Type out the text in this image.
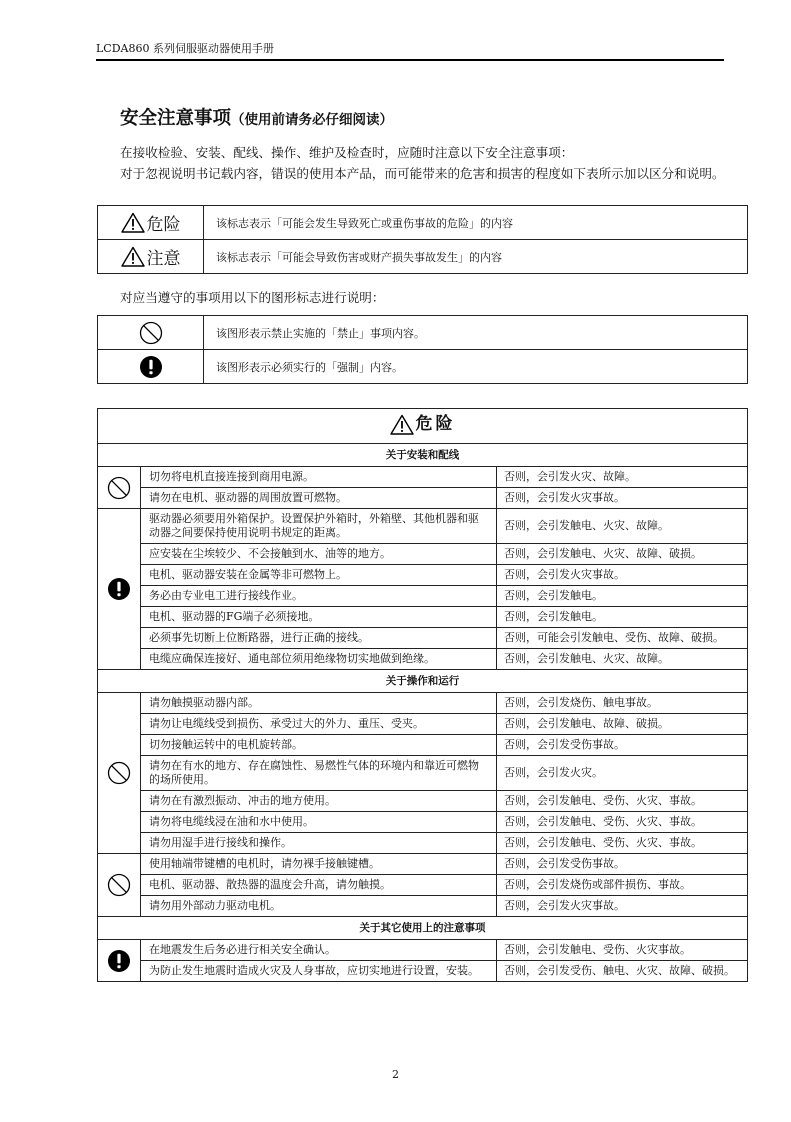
LCDA860 系列伺服驱动器使用手册
安全注意事项（使用前请务必仔细阅读）

在接收检验、安装、配线、操作、维护及检查时，应随时注意以下安全注意事项：

对于忽视说明书记载内容，错误的使用本产品，而可能带来的危害和损害的程度如下表所示加以区分和说明。

危险	该标志表示「可能会发生导致死亡或重伤事故的危险」的内容

注意	该标志表示「可能会导致伤害或财产损失事故发生」的内容
对应当遵守的事项用以下的图形标志进行说明：
	该图形表示禁止实施的「禁止」事项内容。
	该图形表示必须实行的「强制」内容。
危险		

关于安装和配线		
	切勿将电机直接连接到商用电源。	否则，会引发火灾、故障。
	请勿在电机、驱动器的周围放置可燃物。	否则，会引发火灾事故。
	驱动器必须要用外箱保护。设置保护外箱时，外箱壁、其他机器和驱动器之间要保持使用说明书规定的距离。	否则，会引发触电、火灾、故障。
	应安装在尘埃较少、不会接触到水、油等的地方。	否则，会引发触电、火灾、故障、破损。
	电机、驱动器安装在金属等非可燃物上。	否则，会引发火灾事故。
	务必由专业电工进行接线作业。	否则，会引发触电。
	电机、驱动器的FG端子必须接地。	否则，会引发触电。
	必须事先切断上位断路器，进行正确的接线。	否则，可能会引发触电、受伤、故障、破损。
	电缆应确保连接好、通电部位须用绝缘物切实地做到绝缘。	否则，会引发触电、火灾、故障。
关于操作和运行		
	请勿触摸驱动器内部。	否则，会引发烧伤、触电事故。
	请勿让电缆线受到损伤、承受过大的外力、重压、受夹。	否则，会引发触电、故障、破损。
	切勿接触运转中的电机旋转部。	否则，会引发受伤事故。
	请勿在有水的地方、存在腐蚀性、易燃性气体的环境内和靠近可燃物的场所使用。	否则，会引发火灾。
	请勿在有激烈振动、冲击的地方使用。	否则，会引发触电、受伤、火灾、事故。
	请勿将电缆线浸在油和水中使用。	否则，会引发触电、受伤、火灾、事故。
	请勿用湿手进行接线和操作。	否则，会引发触电、受伤、火灾、事故。
	使用轴端带键槽的电机时，请勿裸手接触键槽。	否则，会引发受伤事故。
	电机、驱动器、散热器的温度会升高，请勿触摸。	否则，会引发烧伤或部件损伤、事故。
	请勿用外部动力驱动电机。	否则，会引发火灾事故。
关于其它使用上的注意事项		
	在地震发生后务必进行相关安全确认。	否则，会引发触电、受伤、火灾事故。
	为防止发生地震时造成火灾及人身事故，应切实地进行设置，安装。	否则，会引发受伤、触电、火灾、故障、破损。
2
